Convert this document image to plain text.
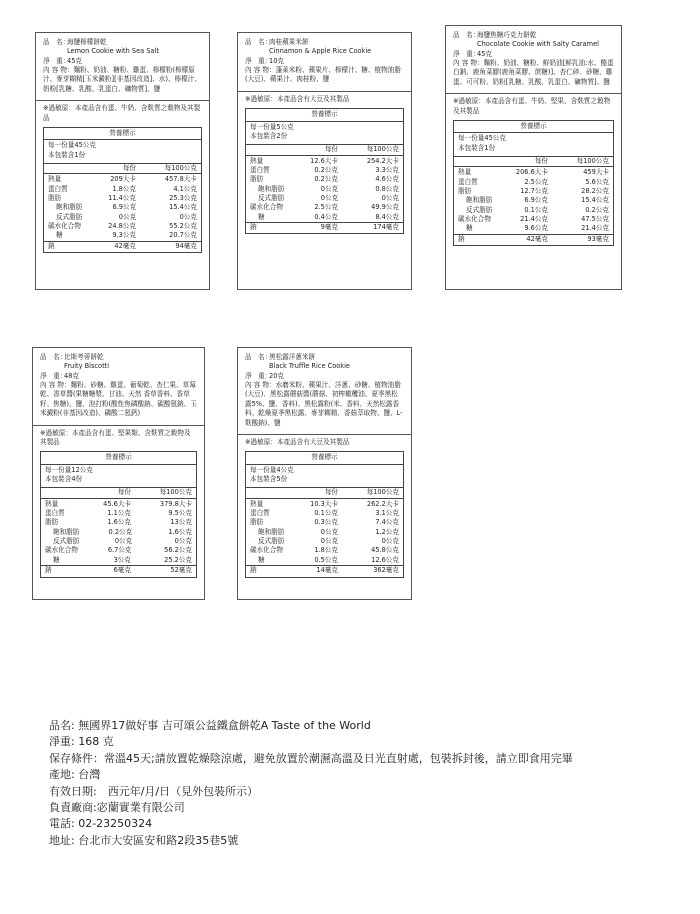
品　名：
海鹽檸檬餅乾
Lemon Cookie with Sea Salt
淨　重：
45克
內 容 物：麵粉、奶油、糖粉、雞蛋、檸檬粉(檸檬原汁、麥芽糊精[玉米澱粉][非基因改造]、水)、檸檬汁、奶粉[乳糖、乳酸、乳蛋白、礦物質]、鹽
※過敏原：本產品含有蛋、牛奶、含麩質之穀物及其製品
營養標示
每一份量45公克
本包裝含1份
每份	每100公克
熱量	209大卡	457.8大卡
蛋白質	1.8公克	4.1公克
脂肪	11.4公克	25.3公克
飽和脂肪	6.9公克	15.4公克
反式脂肪	0公克	0公克
碳水化合物	24.8公克	55.2公克
糖	9.3公克	20.7公克
鈉	42毫克	94毫克
品　名：
肉桂蘋果米餅
Cinnamon & Apple Rice Cookie
淨　重：
10克
內 容 物：蓬萊米粉、蘋果片、檸檬汁、糖、植物油脂(大豆)、蘋果汁、肉桂粉、鹽
※過敏原：本產品含有大豆及其製品
營養標示
每一份量5公克
本包裝含2份
每份	每100公克
熱量	12.6大卡	254.2大卡
蛋白質	0.2公克	3.3公克
脂肪	0.2公克	4.6公克
飽和脂肪	0公克	0.8公克
反式脂肪	0公克	0公克
碳水化合物	2.5公克	49.9公克
糖	0.4公克	8.4公克
鈉	9毫克	174毫克
品　名：
海鹽焦糖巧克力餅乾
Chocolate Cookie with Salty Caramel
淨　重：
45克
內 容 物：麵粉、奶油、糖粉、鮮奶油[鮮乳油:水、酪蛋白鈉、鹿角菜膠(鹿角菜膠、蔗糖)]、杏仁碎、砂糖、雞蛋、可可粉、奶粉[乳糖、乳酸、乳蛋白、礦物質]、鹽
※過敏原：本產品含有蛋、牛奶、堅果、含麩質之穀物及其製品
營養標示
每一份量45公克
本包裝含1份
每份	每100公克
熱量	206.6大卡	459大卡
蛋白質	2.5公克	5.6公克
脂肪	12.7公克	28.2公克
飽和脂肪	6.9公克	15.4公克
反式脂肪	0.1公克	0.2公克
碳水化合物	21.4公克	47.5公克
糖	9.6公克	21.4公克
鈉	42毫克	93毫克
品　名：
比斯考蒂餅乾
Fruity Biscotti
淨　重：
48克
內 容 物：麵粉、砂糖、雞蛋、葡萄乾、杏仁果、草莓乾、香草醬(果糖糖漿、甘油、天然 香草香料、香草籽、焦糖)、鹽、泡打粉(酸性焦磷酸鈉、碳酸氫鈉、玉米澱粉(非基因改造)、磷酸二氫鈣)
※過敏原：本產品含有蛋、堅果類、含麩質之穀物及其製品
營養標示
每一份量12公克
本包裝含4份
每份	每100公克
熱量	45.6大卡	379.8大卡
蛋白質	1.1公克	9.5公克
脂肪	1.6公克	13公克
飽和脂肪	0.2公克	1.6公克
反式脂肪	0公克	0公克
碳水化合物	6.7公克	56.2公克
糖	3公克	25.2公克
鈉	6毫克	52毫克
品　名：
黑松露洋蔥米餅
Black Truffle Rice Cookie
淨　重：
20克
內 容 物：水磨米粉、蘋果汁、洋蔥、砂糖、植物油脂(大豆)、黑松露蘑菇醬(蘑菇、初榨橄欖油、夏季黑松露5%、鹽、香料)、黑松露粉(米、香料、天然松露香料、乾燥夏季黑松露、麥芽糊精、香菇萃取物、鹽、L-麩酸鈉)、鹽
※過敏原：本產品含有大豆及其製品
營養標示
每一份量4公克
本包裝含5份
每份	每100公克
熱量	10.3大卡	262.2大卡
蛋白質	0.1公克	3.1公克
脂肪	0.3公克	7.4公克
飽和脂肪	0公克	1.2公克
反式脂肪	0公克	0公克
碳水化合物	1.8公克	45.8公克
糖	0.5公克	12.6公克
鈉	14毫克	362毫克
品名: 無國界17做好事 吉可頌公益鐵盒餅乾A Taste of the World
淨重: 168 克
保存條件：常溫45天;請放置乾燥陰涼處，避免放置於潮濕高溫及日光直射處，包裝拆封後，請立即食用完畢
產地: 台灣
有效日期:　西元年/月/日（見外包裝所示）
負責廠商:宓蘭實業有限公司
電話: 02-23250324
地址: 台北市大安區安和路2段35巷5號
